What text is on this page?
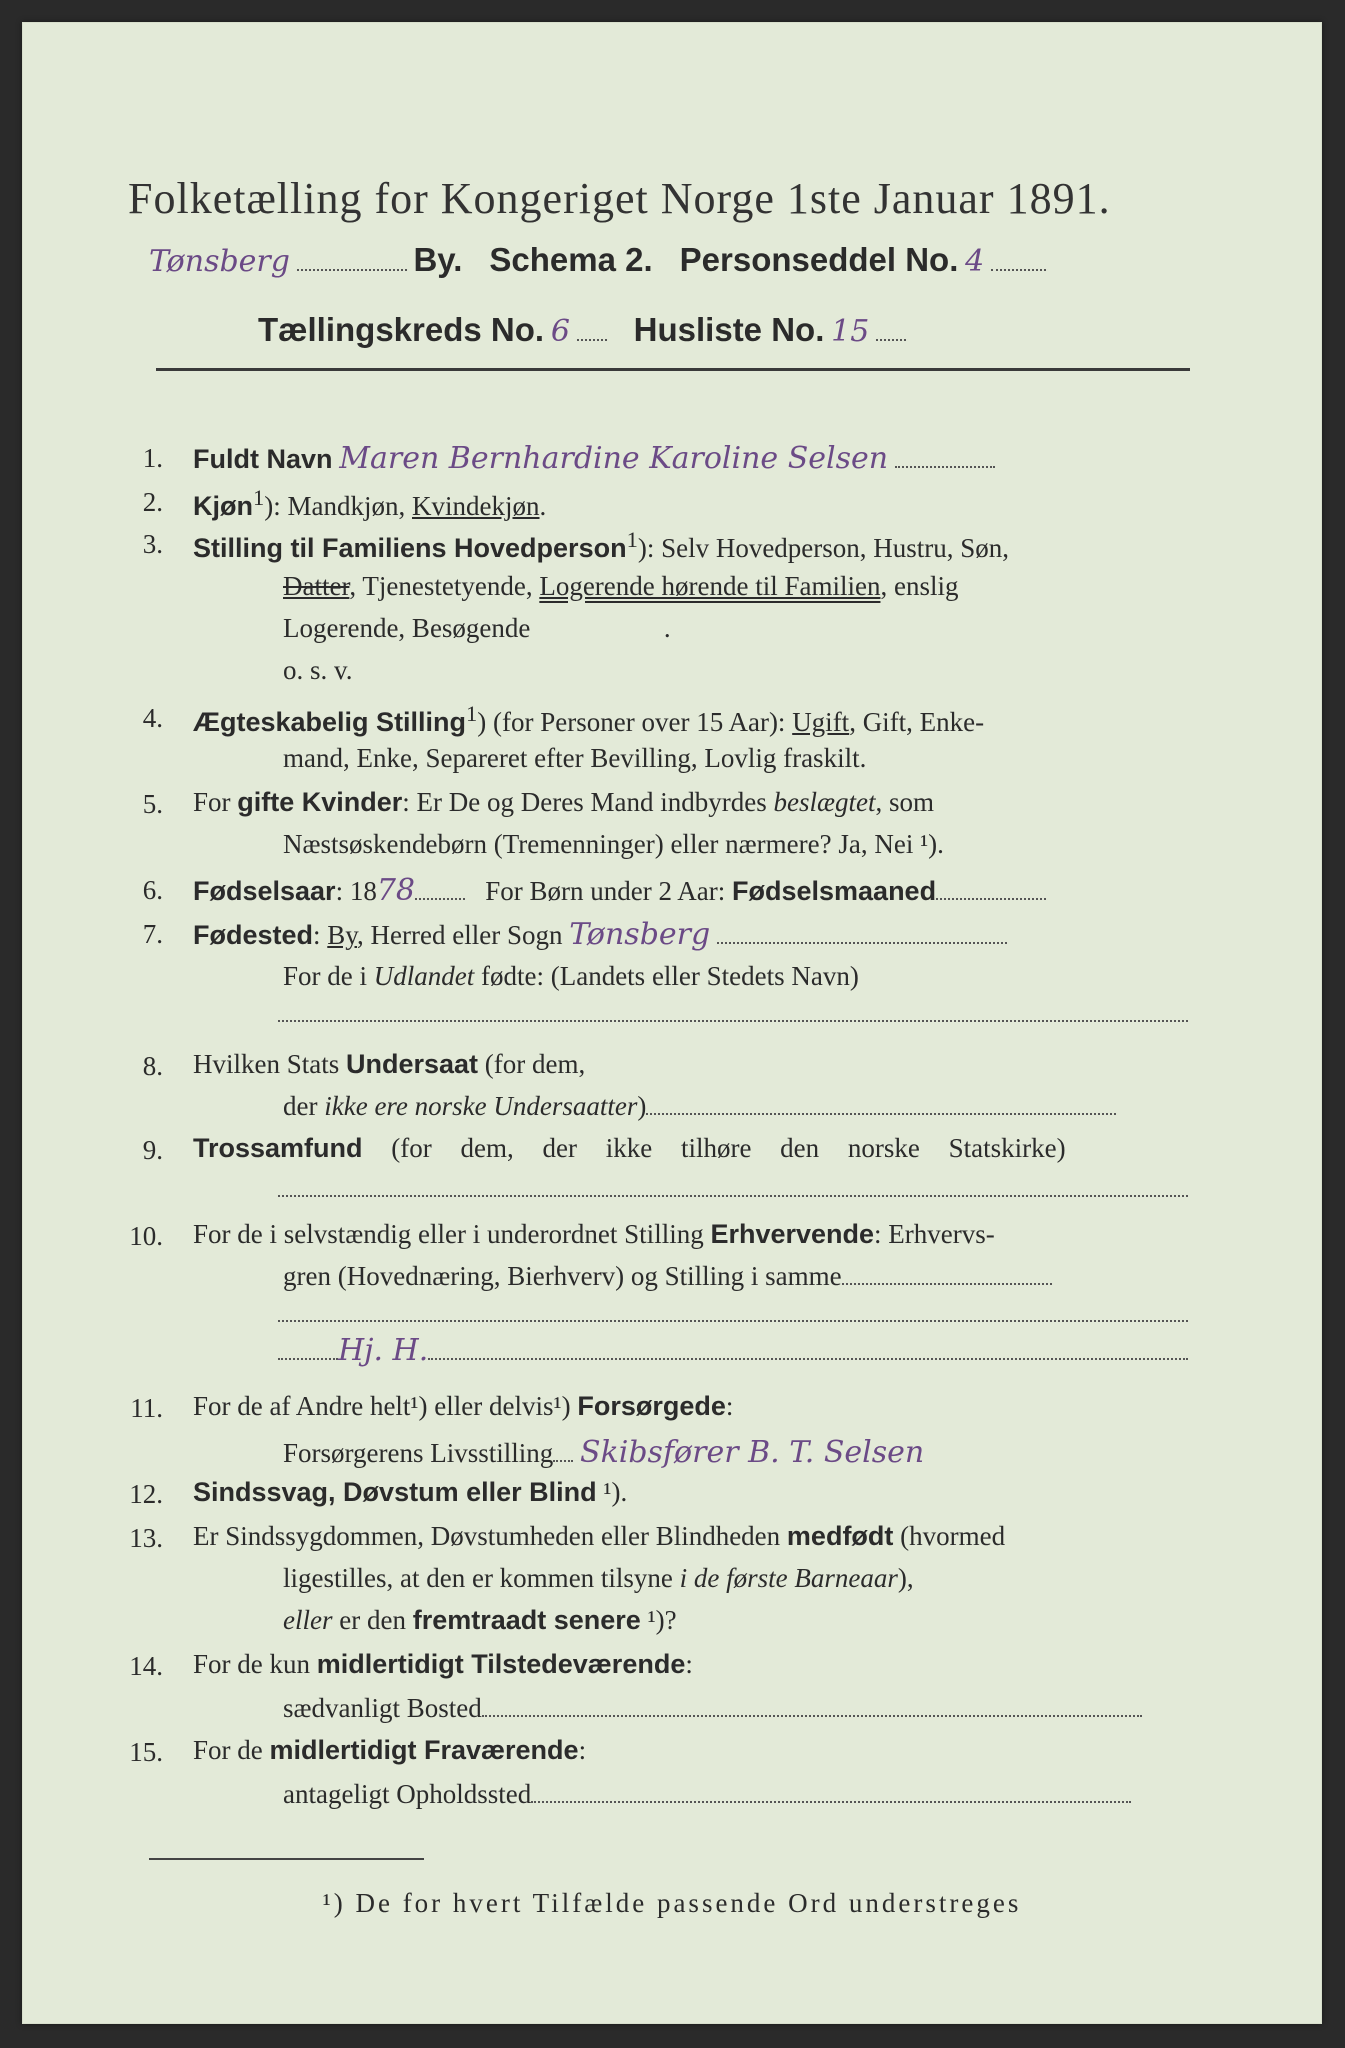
Folketælling for Kongeriget Norge 1ste Januar 1891.
Tønsberg	By. Schema 2. Personseddel No. 4
Tællingskreds No. 6 Husliste No. 15
1. Fuldt Navn Maren Bernhardine Karoline Selsen
2. Kjøn$^1$): Mandkjøn, Kvindekjøn.
3. Stilling til Familiens Hovedperson$^1$): Selv Hovedperson, Hustru, Søn,
Datter, Tjenestetyende, Logerende hørende til Familien, enslig
Logerende, Besøgende	.
o. s. v.
4. Ægteskabelig Stilling$^1$) (for Personer over 15 Aar): Ugift, Gift, Enke-
mand, Enke, Separeret efter Bevilling, Lovlig fraskilt.
5. For gifte Kvinder: Er De og Deres Mand indbyrdes beslægtet, som
Næstsøskendebørn (Tremenninger) eller nærmere? Ja, Nei ¹).
6. Fødselsaar: 1878	For Børn under 2 Aar: Fødselsmaaned
7. Fødested: By, Herred eller Sogn Tønsberg
For de i Udlandet fødte: (Landets eller Stedets Navn)
8. Hvilken Stats Undersaat (for dem,
der ikke ere norske Undersaatter)
9. Trossamfund (for dem, der ikke tilhøre den norske Statskirke)
10. For de i selvstændig eller i underordnet Stilling Erhvervende: Erhvervs-
gren (Hovednæring, Bierhverv) og Stilling i samme
Hj. H.
11. For de af Andre helt¹) eller delvis¹) Forsørgede:
Forsørgerens Livsstilling Skibsfører B. T. Selsen
12. Sindssvag, Døvstum eller Blind ¹).
13. Er Sindssygdommen, Døvstumheden eller Blindheden medfødt (hvormed
ligestilles, at den er kommen tilsyne i de første Barneaar),
eller er den fremtraadt senere ¹)?
14. For de kun midlertidigt Tilstedeværende:
sædvanligt Bosted
15. For de midlertidigt Fraværende:
antageligt Opholdssted
¹) De for hvert Tilfælde passende Ord understreges
